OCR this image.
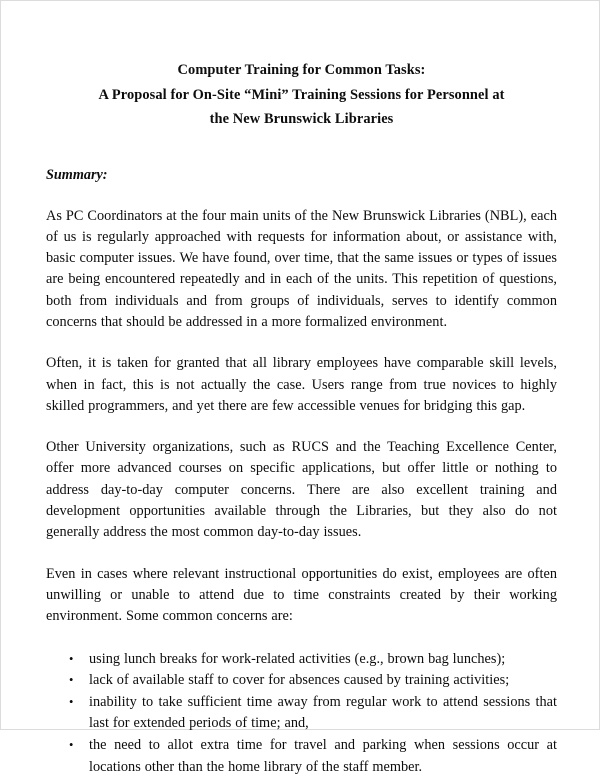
Computer Training for Common Tasks:
A Proposal for On-Site “Mini” Training Sessions for Personnel at
the New Brunswick Libraries

Summary:

As PC Coordinators at the four main units of the New Brunswick Libraries (NBL), each of us is regularly approached with requests for information about, or assistance with, basic computer issues. We have found, over time, that the same issues or types of issues are being encountered repeatedly and in each of the units. This repetition of questions, both from individuals and from groups of individuals, serves to identify common concerns that should be addressed in a more formalized environment.

Often, it is taken for granted that all library employees have comparable skill levels, when in fact, this is not actually the case. Users range from true novices to highly skilled programmers, and yet there are few accessible venues for bridging this gap.

Other University organizations, such as RUCS and the Teaching Excellence Center, offer more advanced courses on specific applications, but offer little or nothing to address day-to-day computer concerns. There are also excellent training and development opportunities available through the Libraries, but they also do not generally address the most common day-to-day issues.

Even in cases where relevant instructional opportunities do exist, employees are often unwilling or unable to attend due to time constraints created by their working environment. Some common concerns are:

• using lunch breaks for work-related activities (e.g., brown bag lunches);
• lack of available staff to cover for absences caused by training activities;
• inability to take sufficient time away from regular work to attend sessions that last for extended periods of time; and,
• the need to allot extra time for travel and parking when sessions occur at locations other than the home library of the staff member.
